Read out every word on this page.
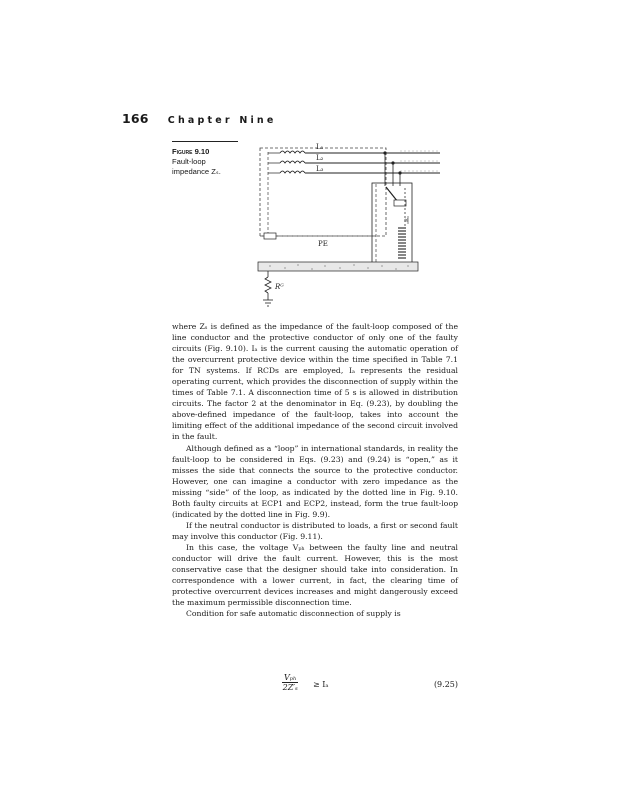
166 Chapter Nine
Figure 9.10
Fault-loop
impedance Zₛ.
L₁
L₂
L₃
R
PE
Rᴳ

where Zₛ is defined as the impedance of the fault-loop composed of the line conductor and the protective conductor of only one of the faulty circuits (Fig. 9.10). Iₐ is the current causing the automatic operation of the overcurrent protective device within the time specified in Table 7.1 for TN systems. If RCDs are employed, Iₐ represents the residual operating current, which provides the disconnection of supply within the times of Table 7.1. A disconnection time of 5 s is allowed in distribution circuits. The factor 2 at the denominator in Eq. (9.23), by doubling the above-defined impedance of the fault-loop, takes into account the limiting effect of the additional impedance of the second circuit involved in the fault.

Although defined as a “loop” in international standards, in reality the fault-loop to be considered in Eqs. (9.23) and (9.24) is “open,” as it misses the side that connects the source to the protective conductor. However, one can imagine a conductor with zero impedance as the missing “side” of the loop, as indicated by the dotted line in Fig. 9.10. Both faulty circuits at ECP1 and ECP2, instead, form the true fault-loop (indicated by the dotted line in Fig. 9.9).

If the neutral conductor is distributed to loads, a first or second fault may involve this conductor (Fig. 9.11).

In this case, the voltage Vₚₕ between the faulty line and neutral conductor will drive the fault current. However, this is the most conservative case that the designer should take into consideration. In correspondence with a lower current, in fact, the clearing time of protective overcurrent devices increases and might dangerously exceed the maximum permissible disconnection time.

Condition for safe automatic disconnection of supply is

Vₚₕ
2Z′ₛ ≥ Iₐ	(9.25)
